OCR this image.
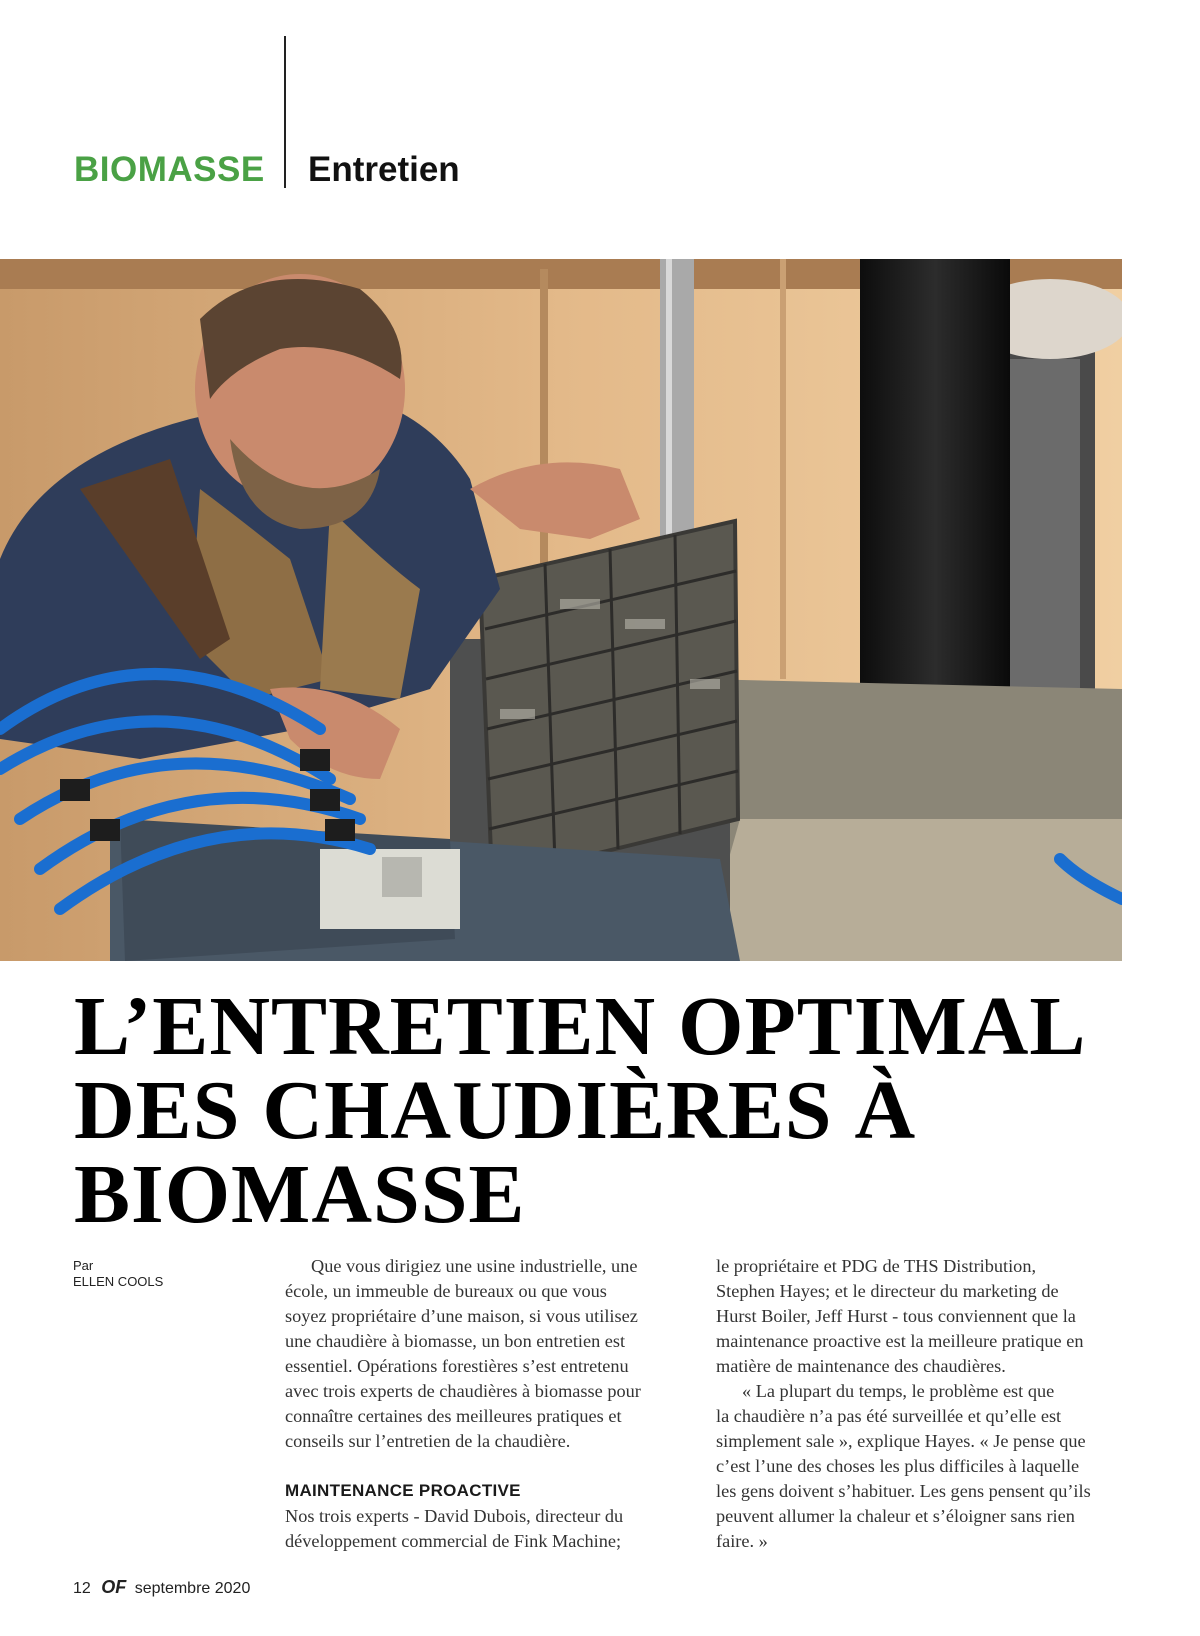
BIOMASSE Entretien
L’ENTRETIEN OPTIMAL
DES CHAUDIÈRES À
BIOMASSE
Par
ELLEN COOLS

Que vous dirigiez une usine industrielle, une
école, un immeuble de bureaux ou que vous
soyez propriétaire d’une maison, si vous utilisez
une chaudière à biomasse, un bon entretien est
essentiel. Opérations forestières s’est entretenu
avec trois experts de chaudières à biomasse pour
connaître certaines des meilleures pratiques et
conseils sur l’entretien de la chaudière.

MAINTENANCE PROACTIVE

Nos trois experts - David Dubois, directeur du
développement commercial de Fink Machine;

le propriétaire et PDG de THS Distribution,
Stephen Hayes; et le directeur du marketing de
Hurst Boiler, Jeff Hurst - tous conviennent que la
maintenance proactive est la meilleure pratique en
matière de maintenance des chaudières.

« La plupart du temps, le problème est que
la chaudière n’a pas été surveillée et qu’elle est
simplement sale », explique Hayes. « Je pense que
c’est l’une des choses les plus difficiles à laquelle
les gens doivent s’habituer. Les gens pensent qu’ils
peuvent allumer la chaleur et s’éloigner sans rien
faire. »

12 OF septembre 2020
